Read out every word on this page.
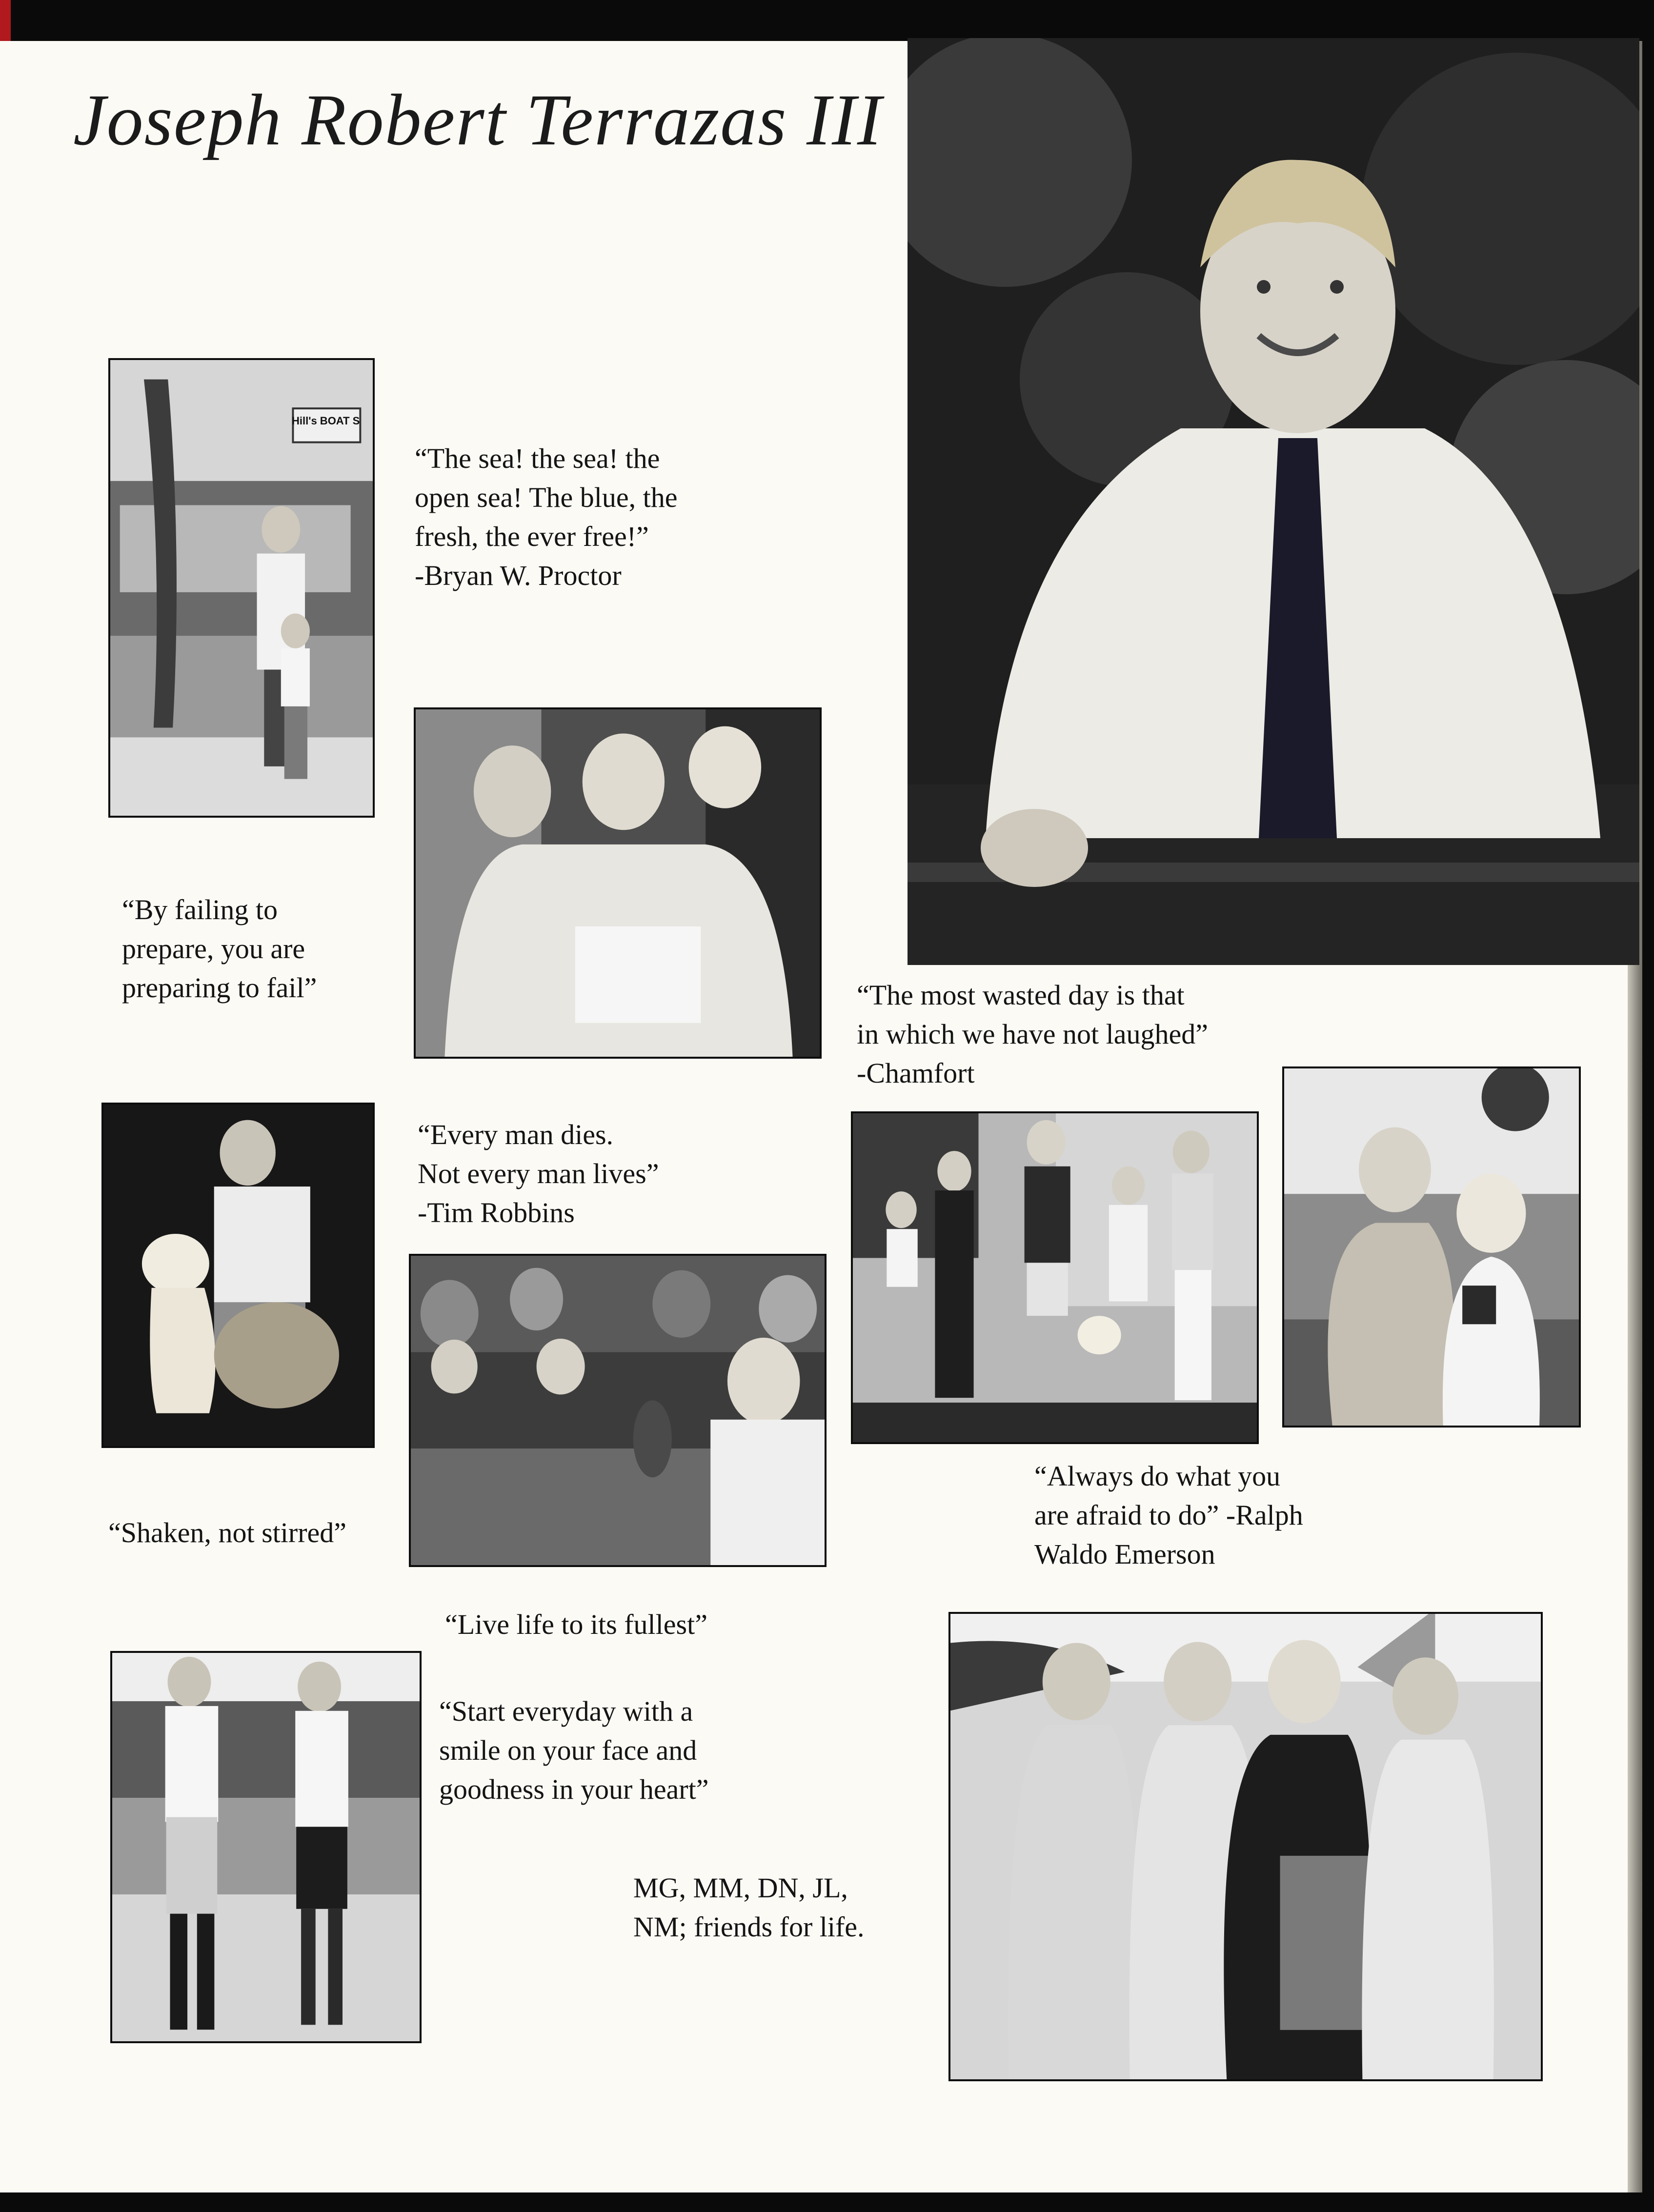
Joseph Robert Terrazas III
Hill's BOAT S

“The sea! the sea! the
open sea! The blue, the
fresh, the ever free!”
-Bryan W. Proctor

“By failing to
prepare, you are
preparing to fail”	“The most wasted day is that
in which we have not laughed”
-Chamfort

“Every man dies.
Not every man lives”
-Tim Robbins

“Always do what you
are afraid to do” -Ralph
Waldo Emerson

“Shaken, not stirred”

“Live life to its fullest”

“Start everyday with a
smile on your face and
goodness in your heart”

MG, MM, DN, JL,
NM; friends for life.
